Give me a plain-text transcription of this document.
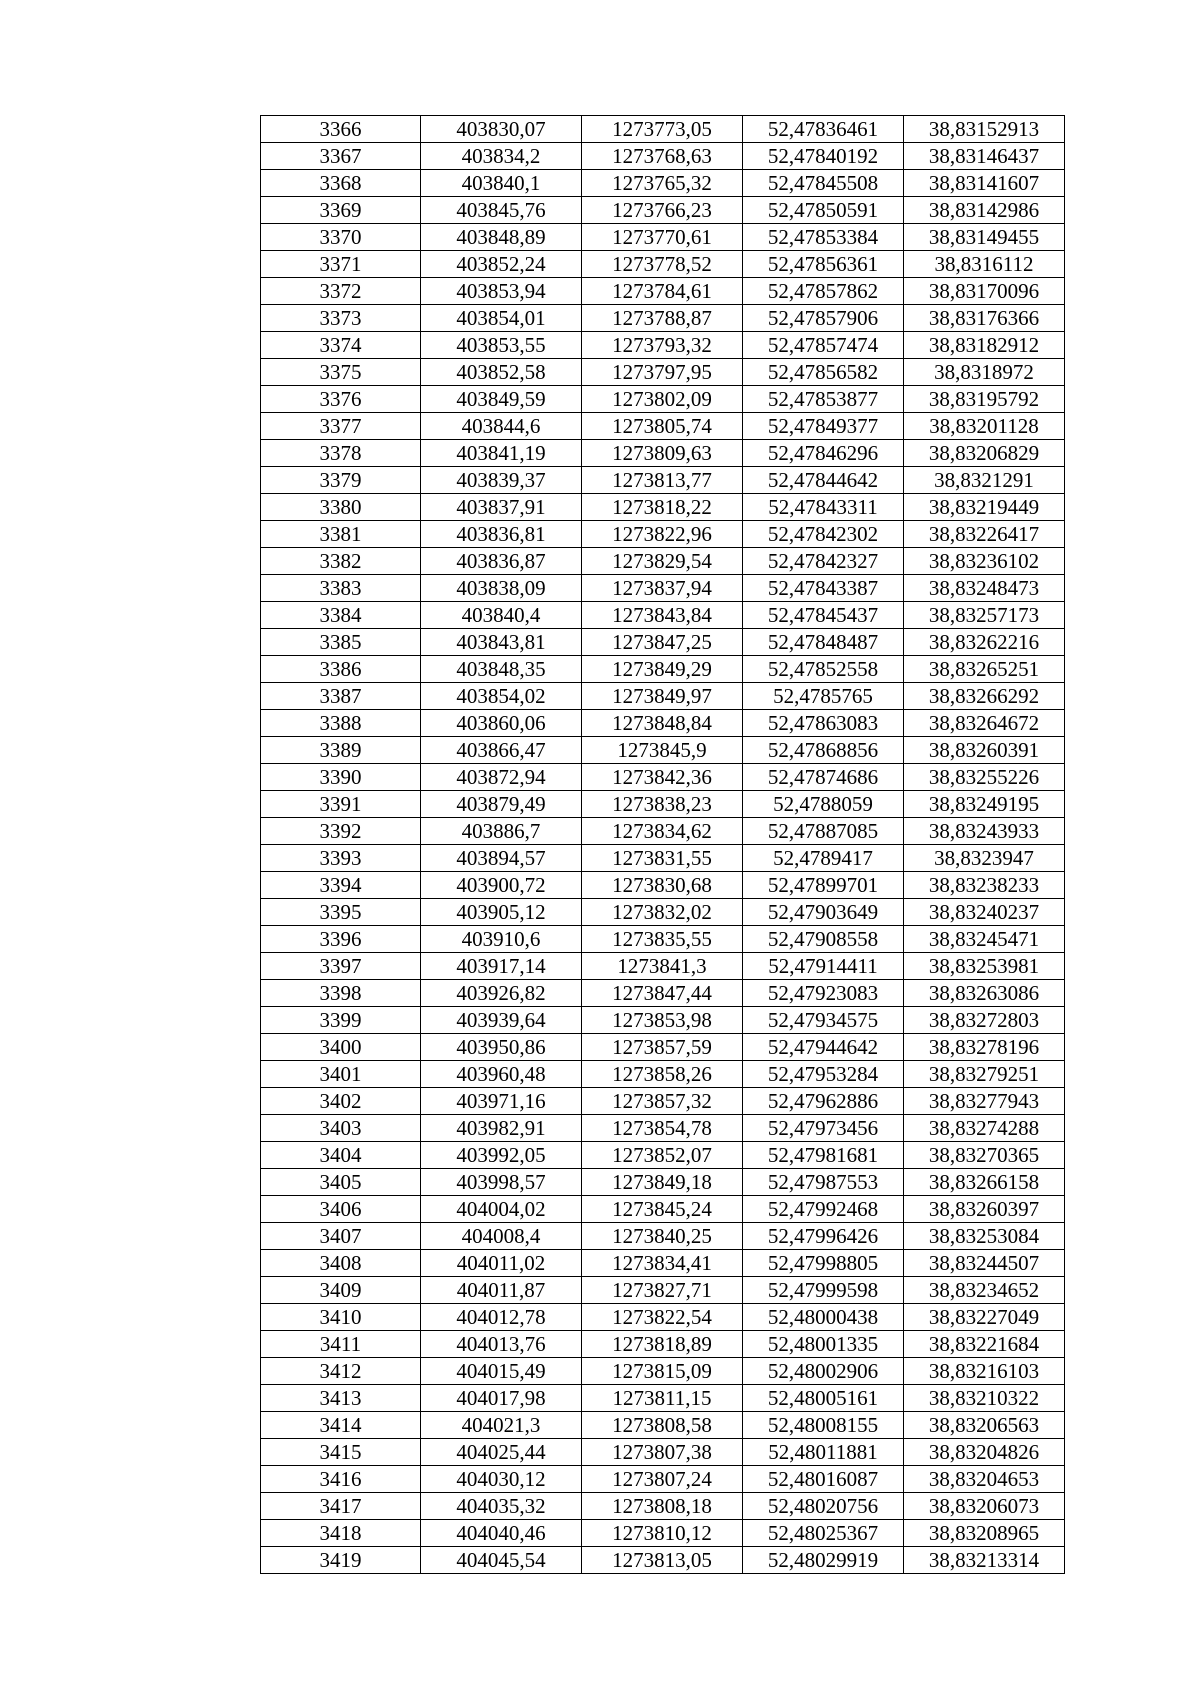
3366	403830,07	1273773,05	52,47836461	38,83152913
3367	403834,2	1273768,63	52,47840192	38,83146437
3368	403840,1	1273765,32	52,47845508	38,83141607
3369	403845,76	1273766,23	52,47850591	38,83142986
3370	403848,89	1273770,61	52,47853384	38,83149455
3371	403852,24	1273778,52	52,47856361	38,8316112
3372	403853,94	1273784,61	52,47857862	38,83170096
3373	403854,01	1273788,87	52,47857906	38,83176366
3374	403853,55	1273793,32	52,47857474	38,83182912
3375	403852,58	1273797,95	52,47856582	38,8318972
3376	403849,59	1273802,09	52,47853877	38,83195792
3377	403844,6	1273805,74	52,47849377	38,83201128
3378	403841,19	1273809,63	52,47846296	38,83206829
3379	403839,37	1273813,77	52,47844642	38,8321291
3380	403837,91	1273818,22	52,47843311	38,83219449
3381	403836,81	1273822,96	52,47842302	38,83226417
3382	403836,87	1273829,54	52,47842327	38,83236102
3383	403838,09	1273837,94	52,47843387	38,83248473
3384	403840,4	1273843,84	52,47845437	38,83257173
3385	403843,81	1273847,25	52,47848487	38,83262216
3386	403848,35	1273849,29	52,47852558	38,83265251
3387	403854,02	1273849,97	52,4785765	38,83266292
3388	403860,06	1273848,84	52,47863083	38,83264672
3389	403866,47	1273845,9	52,47868856	38,83260391
3390	403872,94	1273842,36	52,47874686	38,83255226
3391	403879,49	1273838,23	52,4788059	38,83249195
3392	403886,7	1273834,62	52,47887085	38,83243933
3393	403894,57	1273831,55	52,4789417	38,8323947
3394	403900,72	1273830,68	52,47899701	38,83238233
3395	403905,12	1273832,02	52,47903649	38,83240237
3396	403910,6	1273835,55	52,47908558	38,83245471
3397	403917,14	1273841,3	52,47914411	38,83253981
3398	403926,82	1273847,44	52,47923083	38,83263086
3399	403939,64	1273853,98	52,47934575	38,83272803
3400	403950,86	1273857,59	52,47944642	38,83278196
3401	403960,48	1273858,26	52,47953284	38,83279251
3402	403971,16	1273857,32	52,47962886	38,83277943
3403	403982,91	1273854,78	52,47973456	38,83274288
3404	403992,05	1273852,07	52,47981681	38,83270365
3405	403998,57	1273849,18	52,47987553	38,83266158
3406	404004,02	1273845,24	52,47992468	38,83260397
3407	404008,4	1273840,25	52,47996426	38,83253084
3408	404011,02	1273834,41	52,47998805	38,83244507
3409	404011,87	1273827,71	52,47999598	38,83234652
3410	404012,78	1273822,54	52,48000438	38,83227049
3411	404013,76	1273818,89	52,48001335	38,83221684
3412	404015,49	1273815,09	52,48002906	38,83216103
3413	404017,98	1273811,15	52,48005161	38,83210322
3414	404021,3	1273808,58	52,48008155	38,83206563
3415	404025,44	1273807,38	52,48011881	38,83204826
3416	404030,12	1273807,24	52,48016087	38,83204653
3417	404035,32	1273808,18	52,48020756	38,83206073
3418	404040,46	1273810,12	52,48025367	38,83208965
3419	404045,54	1273813,05	52,48029919	38,83213314
